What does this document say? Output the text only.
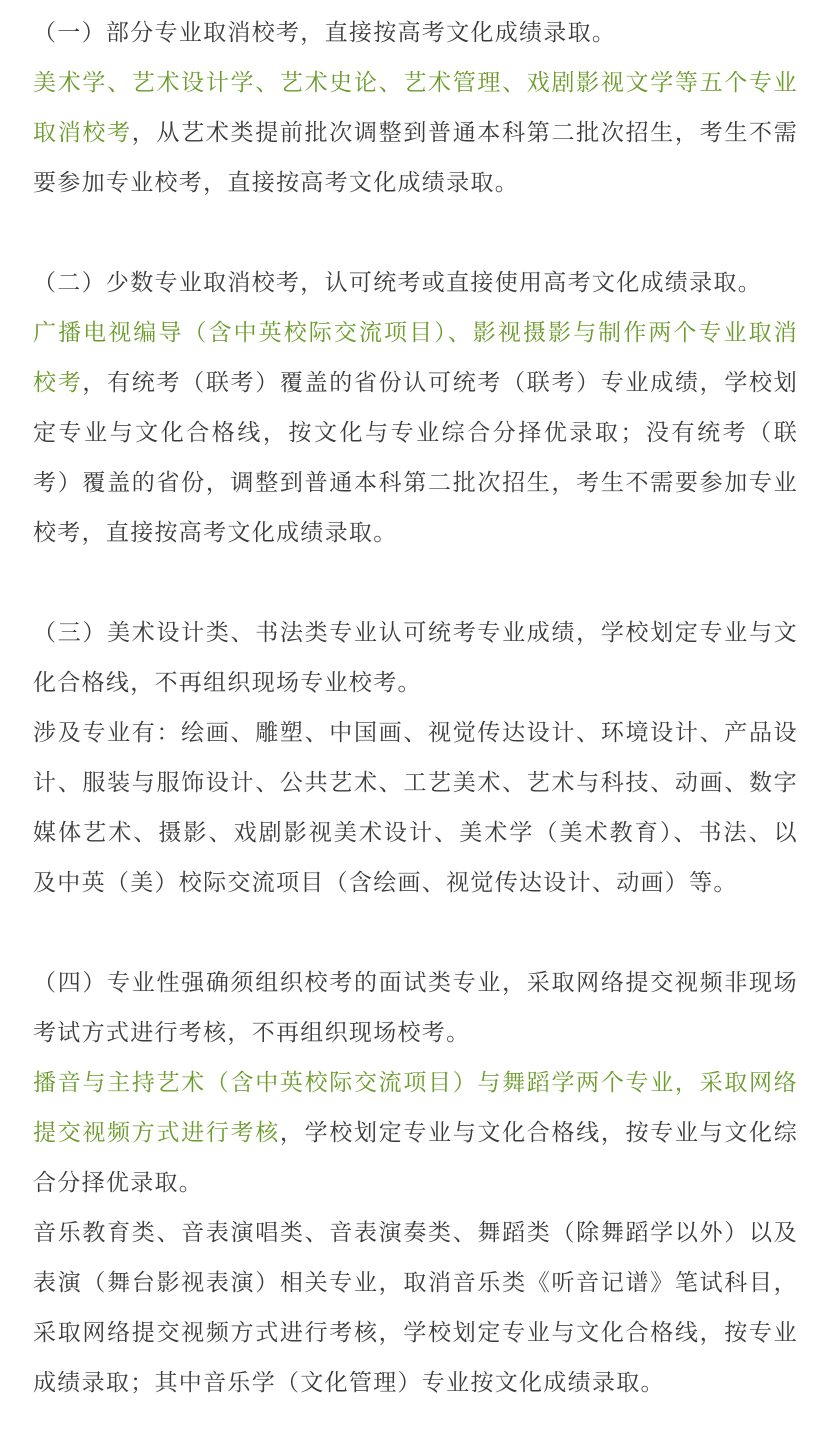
（一）部分专业取消校考，直接按高考文化成绩录取。
美术学、艺术设计学、艺术史论、艺术管理、戏剧影视文学等五个专业
取消校考，从艺术类提前批次调整到普通本科第二批次招生，考生不需
要参加专业校考，直接按高考文化成绩录取。
（二）少数专业取消校考，认可统考或直接使用高考文化成绩录取。
广播电视编导（含中英校际交流项目）、影视摄影与制作两个专业取消
校考，有统考（联考）覆盖的省份认可统考（联考）专业成绩，学校划
定专业与文化合格线，按文化与专业综合分择优录取；没有统考（联
考）覆盖的省份，调整到普通本科第二批次招生，考生不需要参加专业
校考，直接按高考文化成绩录取。
（三）美术设计类、书法类专业认可统考专业成绩，学校划定专业与文
化合格线，不再组织现场专业校考。
涉及专业有：绘画、雕塑、中国画、视觉传达设计、环境设计、产品设
计、服装与服饰设计、公共艺术、工艺美术、艺术与科技、动画、数字
媒体艺术、摄影、戏剧影视美术设计、美术学（美术教育）、书法、以
及中英（美）校际交流项目（含绘画、视觉传达设计、动画）等。
（四）专业性强确须组织校考的面试类专业，采取网络提交视频非现场
考试方式进行考核，不再组织现场校考。
播音与主持艺术（含中英校际交流项目）与舞蹈学两个专业，采取网络
提交视频方式进行考核，学校划定专业与文化合格线，按专业与文化综
合分择优录取。
音乐教育类、音表演唱类、音表演奏类、舞蹈类（除舞蹈学以外）以及
表演（舞台影视表演）相关专业，取消音乐类《听音记谱》笔试科目，
采取网络提交视频方式进行考核，学校划定专业与文化合格线，按专业
成绩录取；其中音乐学（文化管理）专业按文化成绩录取。
